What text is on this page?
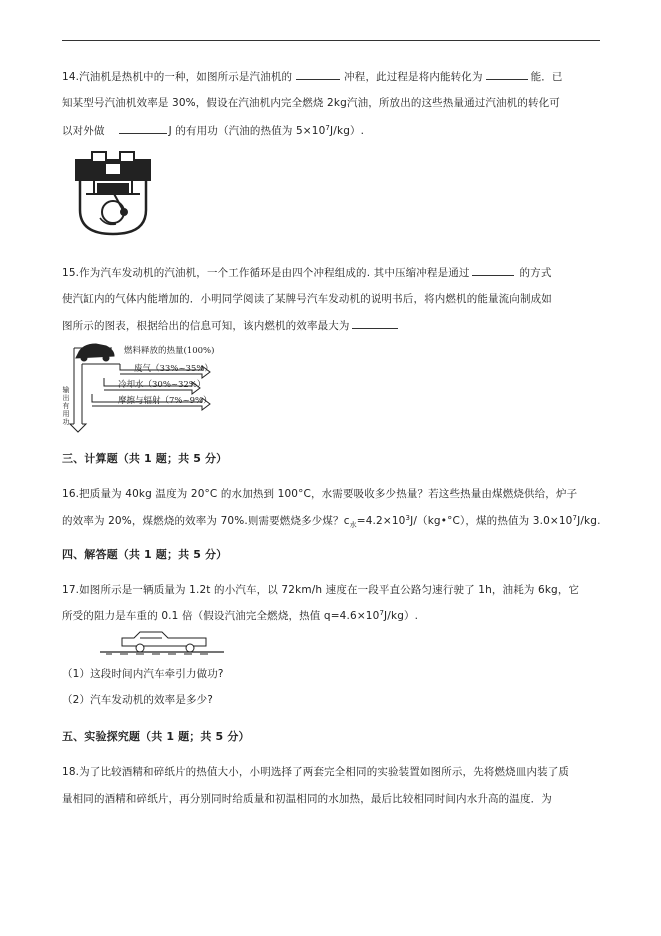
14.汽油机是热机中的一种，如图所示是汽油机的	冲程，此过程是将内能转化为	能．已
知某型号汽油机效率是 30%，假设在汽油机内完全燃烧 2kg汽油，所放出的这些热量通过汽油机的转化可
以对外做	J 的有用功（汽油的热值为 $5\times 10^7J/kg$）.
15.作为汽车发动机的汽油机，一个工作循环是由四个冲程组成的. 其中压缩冲程是通过	的方式
使汽缸内的气体内能增加的．小明同学阅读了某牌号汽车发动机的说明书后，将内燃机的能量流向制成如
图所示的图表，根据给出的信息可知，该内燃机的效率最大为
燃料释放的热量(100%)
废气（33%~35%）
冷却水（30%~32%）
摩擦与辐射（7%~9%）
输
出
有
用
功
三、计算题（共 1 题；共 5 分）
16.把质量为 40kg 温度为 20°C 的水加热到 100°C，水需要吸收多少热量？若这些热量由煤燃烧供给，炉子
的效率为 20%，煤燃烧的效率为 70%.则需要燃烧多少煤？$c_水=4.2\times 10^3J/(kg•^\circ C)$，煤的热值为 $3.0\times 10^7J/kg$.
四、解答题（共 1 题；共 5 分）
17.如图所示是一辆质量为 1.2t 的小汽车，以 72km/h 速度在一段平直公路匀速行驶了 1h，油耗为 6kg，它
所受的阻力是车重的 0.1 倍（假设汽油完全燃烧，热值 $q=4.6\times 10^7J/kg$）.
（1）这段时间内汽车牵引力做功?
（2）汽车发动机的效率是多少?
五、实验探究题（共 1 题；共 5 分）
18.为了比较酒精和碎纸片的热值大小，小明选择了两套完全相同的实验装置如图所示，先将燃烧皿内装了质
量相同的酒精和碎纸片，再分别同时给质量和初温相同的水加热，最后比较相同时间内水升高的温度．为
